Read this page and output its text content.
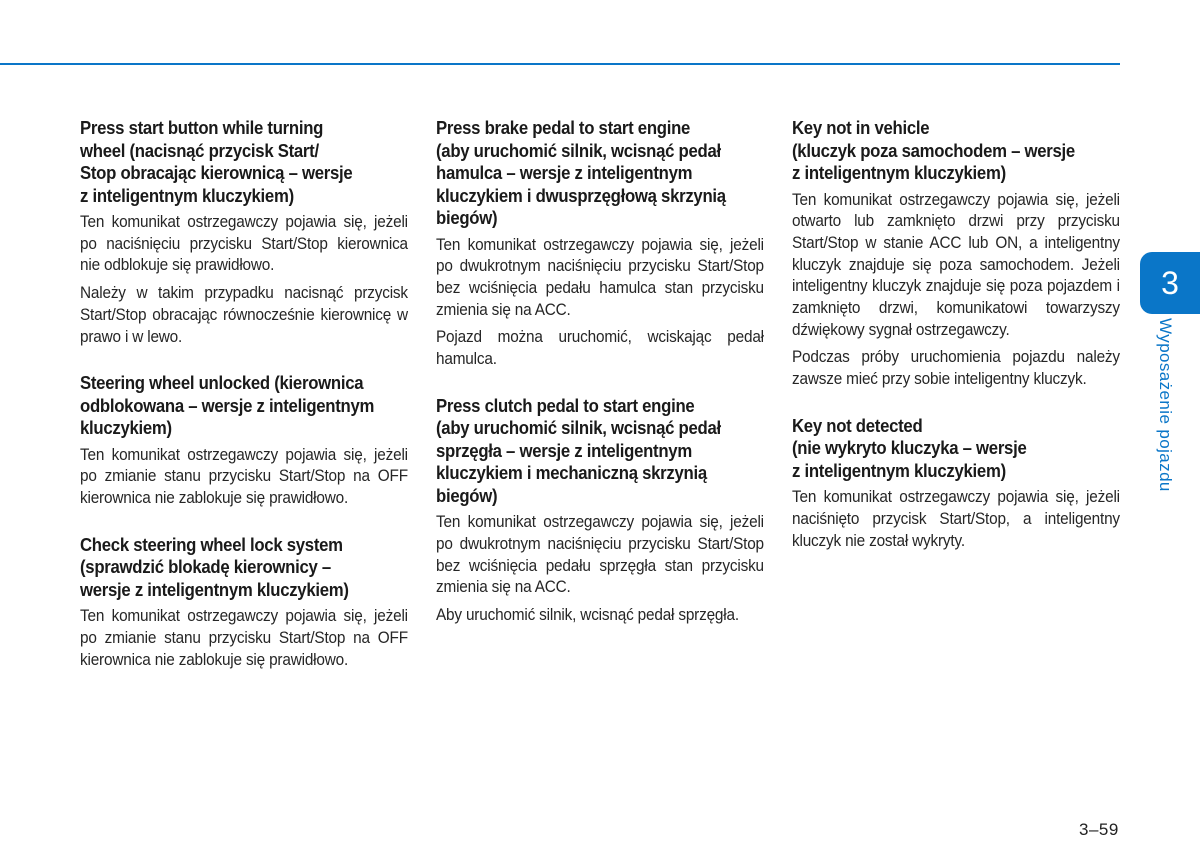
Press start button while turning
wheel (nacisnąć przycisk Start/
Stop obracając kierownicą – wersje
z inteligentnym kluczykiem)

Ten komunikat ostrzegawczy pojawia się, jeżeli po naciśnięciu przycisku Start/Stop kierownica nie odblokuje się prawidłowo.

Należy w takim przypadku nacisnąć przycisk Start/Stop obracając równocześnie kierownicę w prawo i w lewo.

Steering wheel unlocked (kierownica
odblokowana – wersje z inteligentnym
kluczykiem)

Ten komunikat ostrzegawczy pojawia się, jeżeli po zmianie stanu przycisku Start/Stop na OFF kierownica nie zablokuje się prawidłowo.

Check steering wheel lock system
(sprawdzić blokadę kierownicy –
wersje z inteligentnym kluczykiem)

Ten komunikat ostrzegawczy pojawia się, jeżeli po zmianie stanu przycisku Start/Stop na OFF kierownica nie zablokuje się prawidłowo.

Press brake pedal to start engine
(aby uruchomić silnik, wcisnąć pedał
hamulca – wersje z inteligentnym
kluczykiem i dwusprzęgłową skrzynią
biegów)

Ten komunikat ostrzegawczy pojawia się, jeżeli po dwukrotnym naciśnięciu przycisku Start/Stop bez wciśnięcia pedału hamulca stan przycisku zmienia się na ACC.

Pojazd można uruchomić, wciskając pedał hamulca.

Press clutch pedal to start engine
(aby uruchomić silnik, wcisnąć pedał
sprzęgła – wersje z inteligentnym
kluczykiem i mechaniczną skrzynią
biegów)

Ten komunikat ostrzegawczy pojawia się, jeżeli po dwukrotnym naciśnięciu przycisku Start/Stop bez wciśnięcia pedału sprzęgła stan przycisku zmienia się na ACC.

Aby uruchomić silnik, wcisnąć pedał sprzęgła.

Key not in vehicle
(kluczyk poza samochodem – wersje
z inteligentnym kluczykiem)

Ten komunikat ostrzegawczy pojawia się, jeżeli otwarto lub zamknięto drzwi przy przycisku Start/Stop w stanie ACC lub ON, a inteligentny kluczyk znajduje się poza samochodem. Jeżeli inteligentny kluczyk znajduje się poza pojazdem i zamknięto drzwi, komunikatowi towarzyszy dźwiękowy sygnał ostrzegawczy.

Podczas próby uruchomienia pojazdu należy zawsze mieć przy sobie inteligentny kluczyk.

Key not detected
(nie wykryto kluczyka – wersje
z inteligentnym kluczykiem)

Ten komunikat ostrzegawczy pojawia się, jeżeli naciśnięto przycisk Start/Stop, a inteligentny kluczyk nie został wykryty.

3
Wyposażenie pojazdu
3–59
